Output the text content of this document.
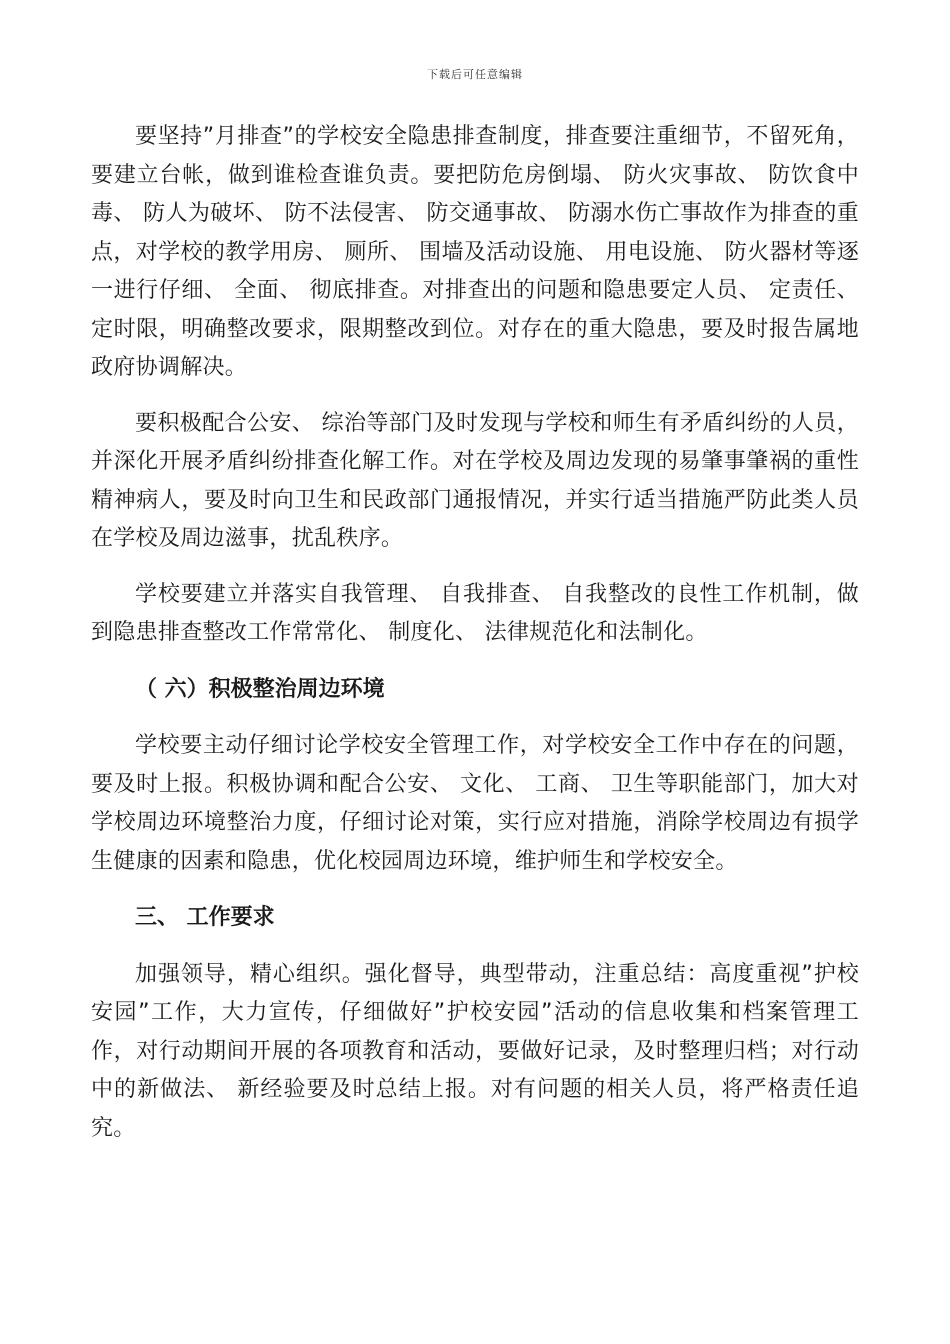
下载后可任意编辑

要坚持”月排查”的学校安全隐患排查制度，排查要注重细节，不留死角，要建立台帐，做到谁检查谁负责。要把防危房倒塌、 防火灾事故、 防饮食中毒、 防人为破坏、 防不法侵害、 防交通事故、 防溺水伤亡事故作为排查的重点，对学校的教学用房、 厕所、 围墙及活动设施、 用电设施、 防火器材等逐一进行仔细、 全面、 彻底排查。对排查出的问题和隐患要定人员、 定责任、 定时限，明确整改要求，限期整改到位。对存在的重大隐患，要及时报告属地政府协调解决。

要积极配合公安、 综治等部门及时发现与学校和师生有矛盾纠纷的人员，并深化开展矛盾纠纷排查化解工作。对在学校及周边发现的易肇事肇祸的重性精神病人，要及时向卫生和民政部门通报情况，并实行适当措施严防此类人员在学校及周边滋事，扰乱秩序。

学校要建立并落实自我管理、 自我排查、 自我整改的良性工作机制，做到隐患排查整改工作常常化、 制度化、 法律规范化和法制化。

（ 六）积极整治周边环境

学校要主动仔细讨论学校安全管理工作，对学校安全工作中存在的问题，要及时上报。积极协调和配合公安、 文化、 工商、 卫生等职能部门，加大对学校周边环境整治力度，仔细讨论对策，实行应对措施，消除学校周边有损学生健康的因素和隐患，优化校园周边环境，维护师生和学校安全。

三、 工作要求

加强领导，精心组织。强化督导，典型带动，注重总结：高度重视”护校安园”工作，大力宣传，仔细做好”护校安园”活动的信息收集和档案管理工作，对行动期间开展的各项教育和活动，要做好记录，及时整理归档；对行动中的新做法、 新经验要及时总结上报。对有问题的相关人员，将严格责任追究。
